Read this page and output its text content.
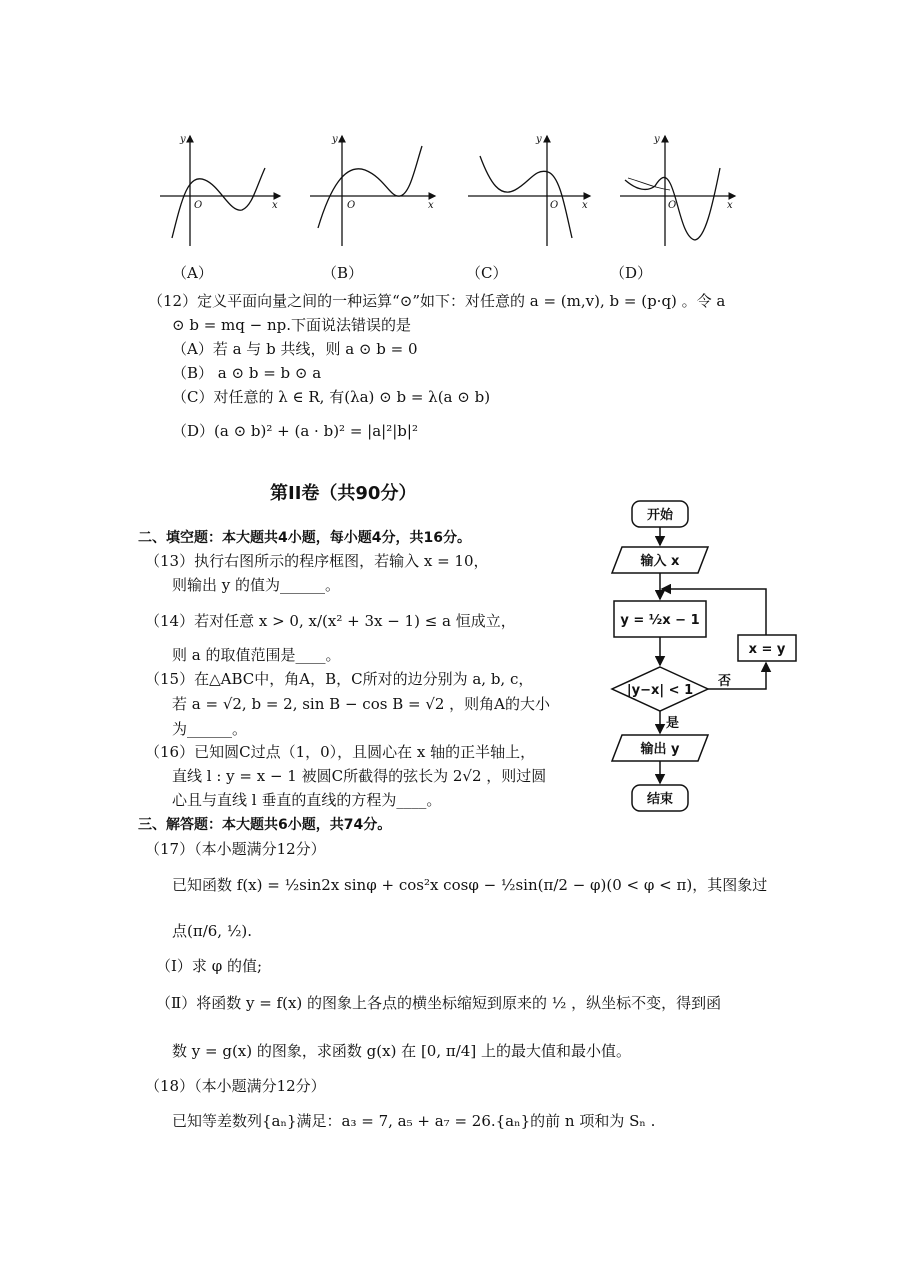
y
x
O
y
x
O
y
x
O
y
x
O
（A）	（B）	（C）	（D）
（12）定义平面向量之间的一种运算“⊙”如下：对任意的 a = (m,v), b = (p·q) 。令 a
⊙ b = mq − np.下面说法错误的是
（A）若 a 与 b 共线，则 a ⊙ b = 0
（B） a ⊙ b = b ⊙ a
（C）对任意的 λ ∈ R, 有(λa) ⊙ b = λ(a ⊙ b)
（D）(a ⊙ b)² + (a · b)² = |a|²|b|²
第II卷（共90分）
二、填空题：本大题共4小题，每小题4分，共16分。
（13）执行右图所示的程序框图，若输入 x = 10，
则输出 y 的值为______。
（14）若对任意 x > 0, x/(x² + 3x − 1) ≤ a 恒成立，
则 a 的取值范围是____。
（15）在△ABC中，角A，B，C所对的边分别为 a, b, c，
若 a = √2, b = 2, sin B − cos B = √2 ，则角A的大小
为______。
（16）已知圆C过点（1，0），且圆心在 x 轴的正半轴上，
直线 l : y = x − 1 被圆C所截得的弦长为 2√2 ，则过圆
心且与直线 l 垂直的直线的方程为____。
三、解答题：本大题共6小题，共74分。
（17）（本小题满分12分）
已知函数 f(x) = ½sin2x sinφ + cos²x cosφ − ½sin(π/2 − φ)(0 < φ < π)，其图象过
点(π/6, ½).
（Ⅰ）求 φ 的值;
（Ⅱ）将函数 y = f(x) 的图象上各点的横坐标缩短到原来的 ½ ，纵坐标不变，得到函
数 y = g(x) 的图象，求函数 g(x) 在 [0, π/4] 上的最大值和最小值。
（18）（本小题满分12分）
已知等差数列{aₙ}满足：a₃ = 7, a₅ + a₇ = 26.{aₙ}的前 n 项和为 Sₙ .
开始
输入 x
y = ½x − 1
|y−x| < 1
x = y
否
是
输出 y
结束
